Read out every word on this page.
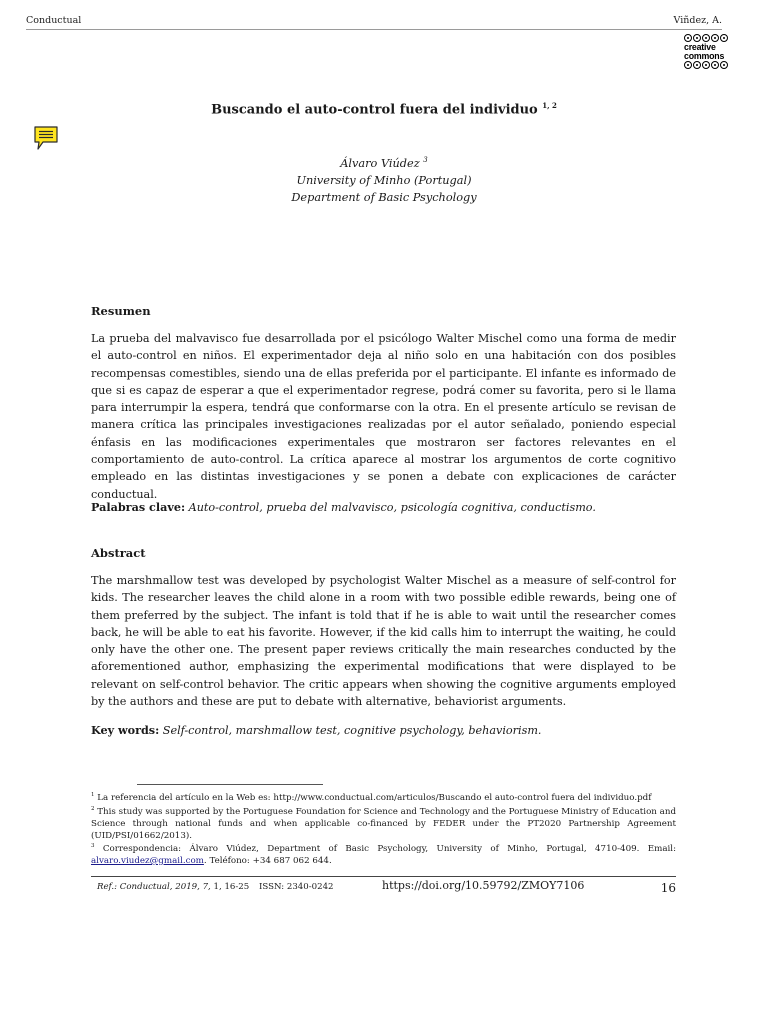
Conductual	Viñdez, A.
creative
commons
Buscando el auto-control fuera del individuo $^{1, 2}$
Álvaro Viúdez $^3$
University of Minho (Portugal)
Department of Basic Psychology
Resumen

La prueba del malvavisco fue desarrollada por el psicólogo Walter Mischel como una forma de medir el auto-control en niños. El experimentador deja al niño solo en una habitación con dos posibles recompensas comestibles, siendo una de ellas preferida por el participante. El infante es informado de que si es capaz de esperar a que el experimentador regrese, podrá comer su favorita, pero si le llama para interrumpir la espera, tendrá que conformarse con la otra. En el presente artículo se revisan de manera crítica las principales investigaciones realizadas por el autor señalado, poniendo especial énfasis en las modificaciones experimentales que mostraron ser factores relevantes en el comportamiento de auto-control. La crítica aparece al mostrar los argumentos de corte cognitivo empleado en las distintas investigaciones y se ponen a debate con explicaciones de carácter conductual.

Palabras clave: Auto-control, prueba del malvavisco, psicología cognitiva, conductismo.
Abstract

The marshmallow test was developed by psychologist Walter Mischel as a measure of self-control for kids. The researcher leaves the child alone in a room with two possible edible rewards, being one of them preferred by the subject. The infant is told that if he is able to wait until the researcher comes back, he will be able to eat his favorite. However, if the kid calls him to interrupt the waiting, he could only have the other one. The present paper reviews critically the main researches conducted by the aforementioned author, emphasizing the experimental modifications that were displayed to be relevant on self-control behavior. The critic appears when showing the cognitive arguments employed by the authors and these are put to debate with alternative, behaviorist arguments.

Key words: Self-control, marshmallow test, cognitive psychology, behaviorism.

$^1$ La referencia del artículo en la Web es: http://www.conductual.com/articulos/Buscando el auto-control fuera del individuo.pdf

$^2$ This study was supported by the Portuguese Foundation for Science and Technology and the Portuguese Ministry of Education and Science through national funds and when applicable co-financed by FEDER under the PT2020 Partnership Agreement (UID/PSI/01662/2013).

$^3$ Correspondencia: Álvaro Viúdez, Department of Basic Psychology, University of Minho, Portugal, 4710-409. Email: alvaro.viudez@gmail.com. Teléfono: +34 687 062 644.

Ref.: Conductual, 2019, 7, 1, 16-25 ISSN: 2340-0242	https://doi.org/10.59792/ZMOY7106	16
